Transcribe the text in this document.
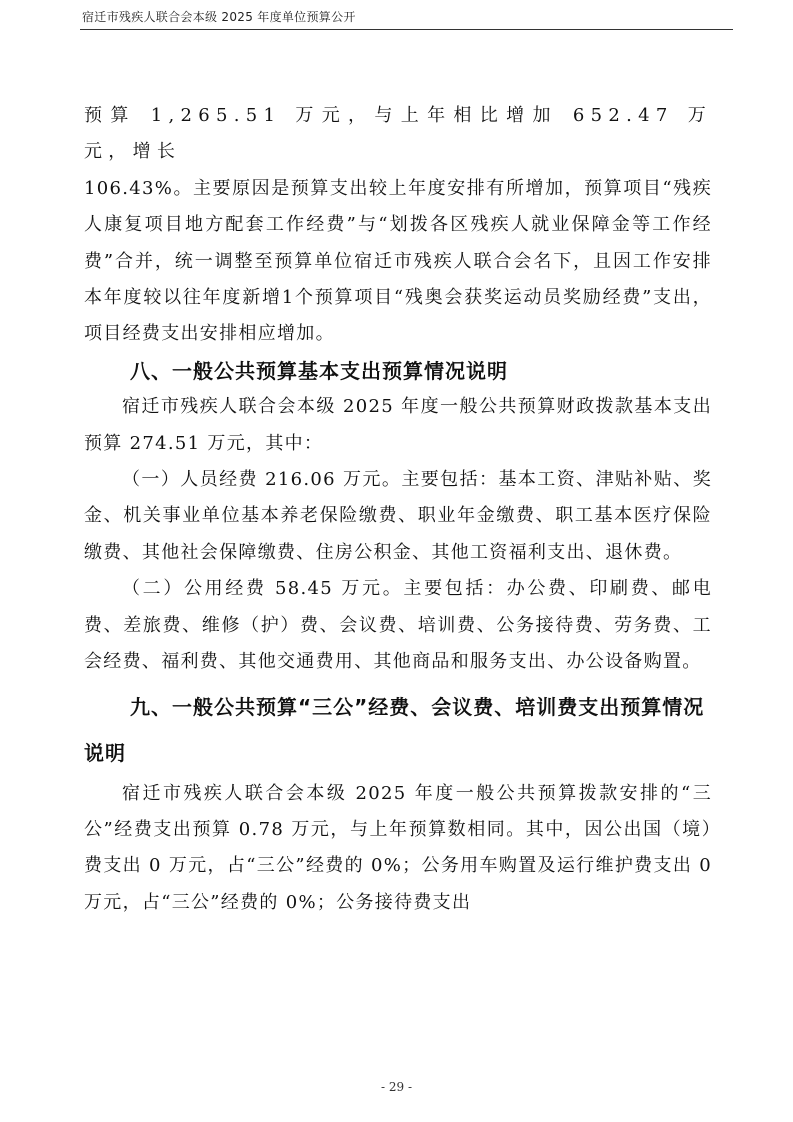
宿迁市残疾人联合会本级 2025 年度单位预算公开

预算 1,265.51 万元，与上年相比增加 652.47 万元，增长

106.43%。主要原因是预算支出较上年度安排有所增加，预算项目“残疾人康复项目地方配套工作经费”与“划拨各区残疾人就业保障金等工作经费”合并，统一调整至预算单位宿迁市残疾人联合会名下，且因工作安排本年度较以往年度新增1个预算项目“残奥会获奖运动员奖励经费”支出，项目经费支出安排相应增加。

八、一般公共预算基本支出预算情况说明

宿迁市残疾人联合会本级 2025 年度一般公共预算财政拨款基本支出预算 274.51 万元，其中：

（一）人员经费 216.06 万元。主要包括：基本工资、津贴补贴、奖金、机关事业单位基本养老保险缴费、职业年金缴费、职工基本医疗保险缴费、其他社会保障缴费、住房公积金、其他工资福利支出、退休费。

（二）公用经费 58.45 万元。主要包括：办公费、印刷费、邮电费、差旅费、维修（护）费、会议费、培训费、公务接待费、劳务费、工会经费、福利费、其他交通费用、其他商品和服务支出、办公设备购置。

九、一般公共预算“三公”经费、会议费、培训费支出预算情况说明

宿迁市残疾人联合会本级 2025 年度一般公共预算拨款安排的“三公”经费支出预算 0.78 万元，与上年预算数相同。其中，因公出国（境）费支出 0 万元，占“三公”经费的 0%；公务用车购置及运行维护费支出 0 万元，占“三公”经费的 0%；公务接待费支出

- 29 -
